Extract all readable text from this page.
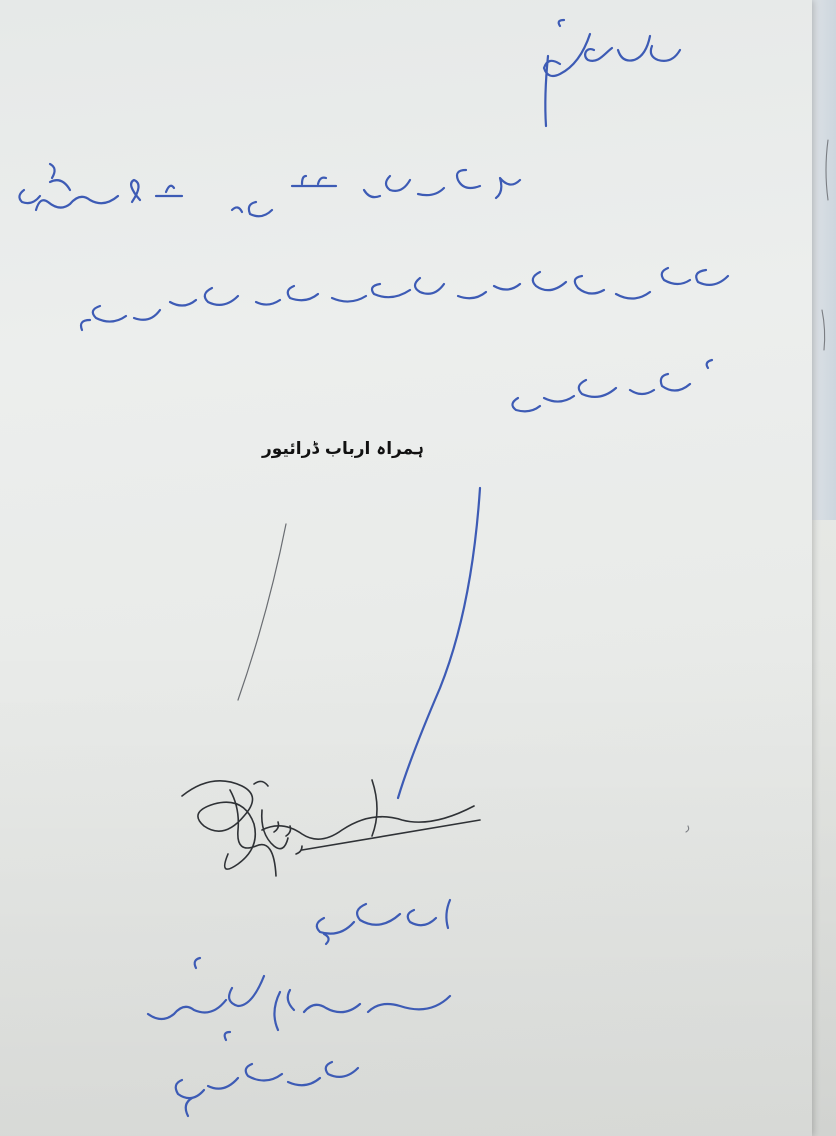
ہمراہ ارباب ڈرائیور
